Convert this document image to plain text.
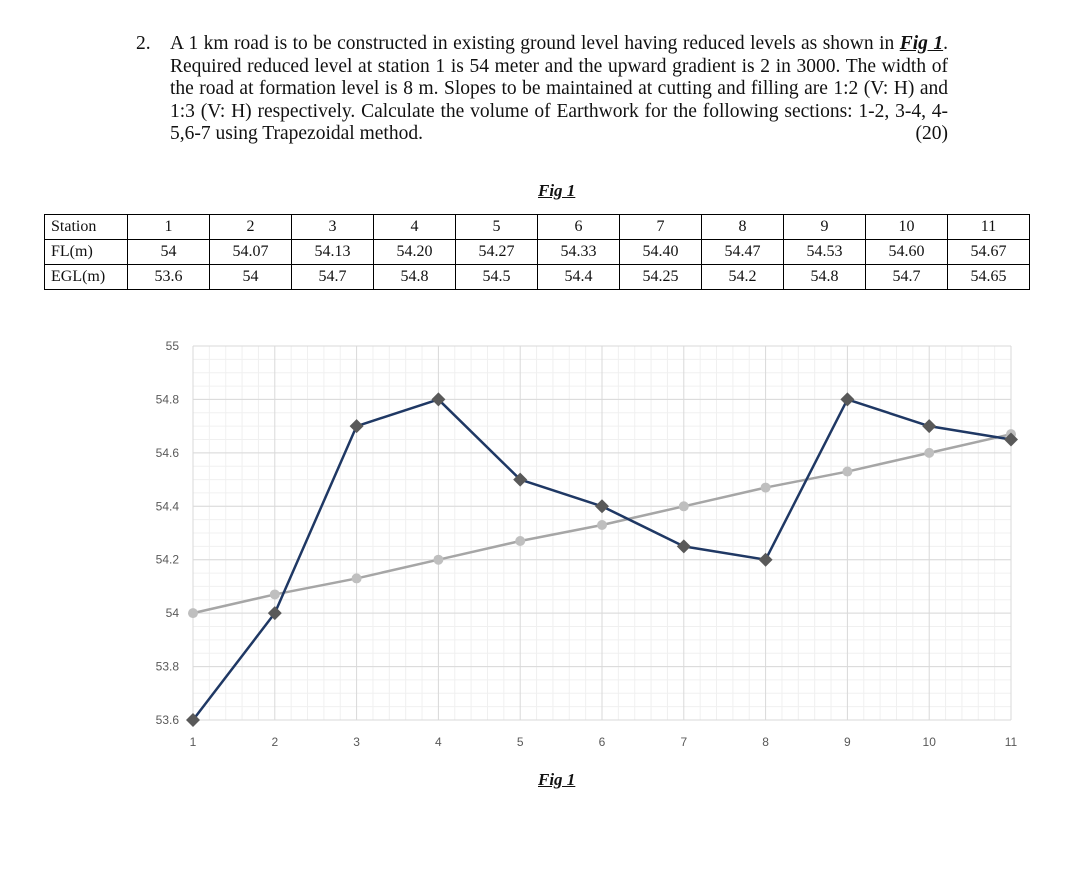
2. A 1 km road is to be constructed in existing ground level having reduced levels as shown in Fig 1. Required reduced level at station 1 is 54 meter and the upward gradient is 2 in 3000. The width of the road at formation level is 8 m. Slopes to be maintained at cutting and filling are 1:2 (V: H) and 1:3 (V: H) respectively. Calculate the volume of Earthwork for the following sections: 1-2, 3-4, 4-5,6-7 using Trapezoidal method.	(20)
Fig 1
Station	1	2	3	4	5	6	7	8	9	10	11
FL(m)	54	54.07	54.13	54.20	54.27	54.33	54.40	54.47	54.53	54.60	54.67
EGL(m)	53.6	54	54.7	54.8	54.5	54.4	54.25	54.2	54.8	54.7	54.65
53.6
53.8
54
54.2
54.4
54.6
54.8
55
1	2	3	4	5	6	7	8	9	10	11
Fig 1
